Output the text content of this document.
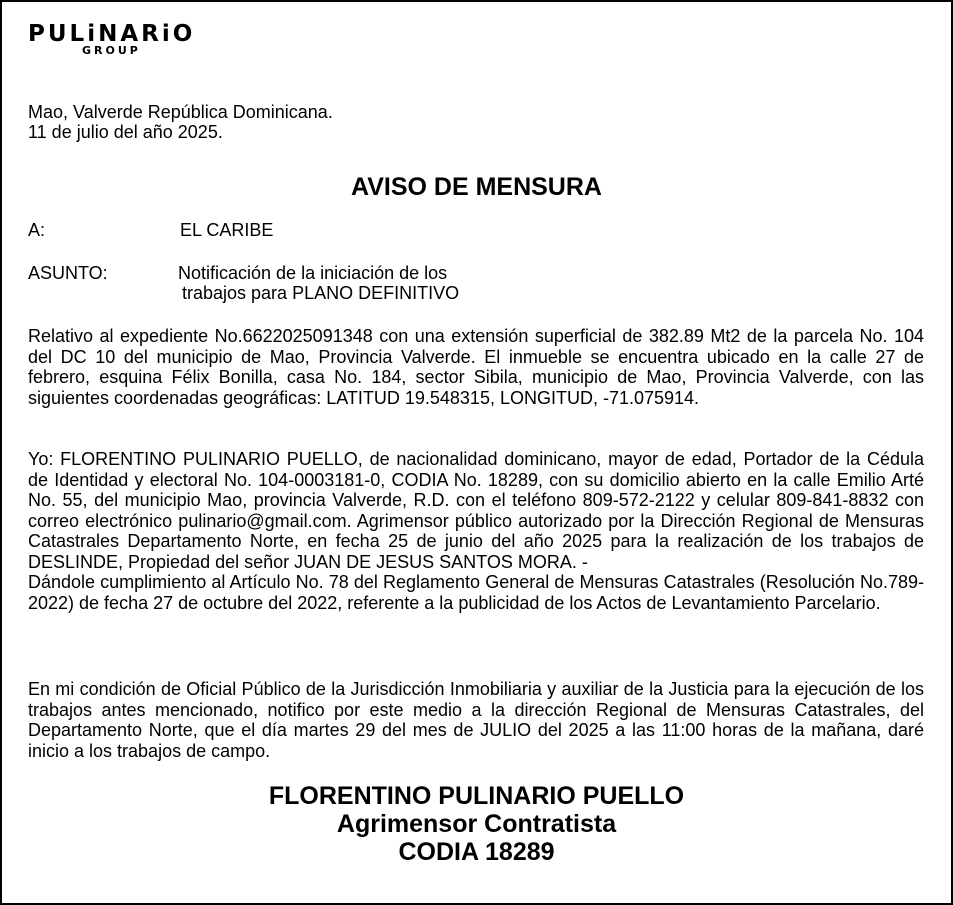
PULiNARiO
GROUP
Mao, Valverde República Dominicana.
11 de julio del año 2025.
AVISO DE MENSURA
A:	EL CARIBE
ASUNTO:	Notificación de la iniciación de los
trabajos para PLANO DEFINITIVO
Relativo al expediente No.6622025091348 con una extensión superficial de 382.89 Mt2 de la parcela No. 104 del DC 10 del municipio de Mao, Provincia Valverde. El inmueble se encuentra ubicado en la calle 27 de febrero, esquina Félix Bonilla, casa No. 184, sector Sibila, municipio de Mao, Provincia Valverde, con las siguientes coordenadas geográficas: LATITUD 19.548315, LONGITUD, -71.075914.
Yo: FLORENTINO PULINARIO PUELLO, de nacionalidad dominicano, mayor de edad, Portador de la Cédula de Identidad y electoral No. 104-0003181-0, CODIA No. 18289, con su domicilio abierto en la calle Emilio Arté No. 55, del municipio Mao, provincia Valverde, R.D. con el teléfono 809-572-2122 y celular 809-841-8832 con correo electrónico pulinario@gmail.com. Agrimensor público autorizado por la Dirección Regional de Mensuras Catastrales Departamento Norte, en fecha 25 de junio del año 2025 para la realización de los trabajos de DESLINDE, Propiedad del señor JUAN DE JESUS SANTOS MORA. -
Dándole cumplimiento al Artículo No. 78 del Reglamento General de Mensuras Catastrales (Resolución No.789-2022) de fecha 27 de octubre del 2022, referente a la publicidad de los Actos de Levantamiento Parcelario.
En mi condición de Oficial Público de la Jurisdicción Inmobiliaria y auxiliar de la Justicia para la ejecución de los trabajos antes mencionado, notifico por este medio a la dirección Regional de Mensuras Catastrales, del Departamento Norte, que el día martes 29 del mes de JULIO del 2025 a las 11:00 horas de la mañana, daré inicio a los trabajos de campo.
FLORENTINO PULINARIO PUELLO
Agrimensor Contratista
CODIA 18289
